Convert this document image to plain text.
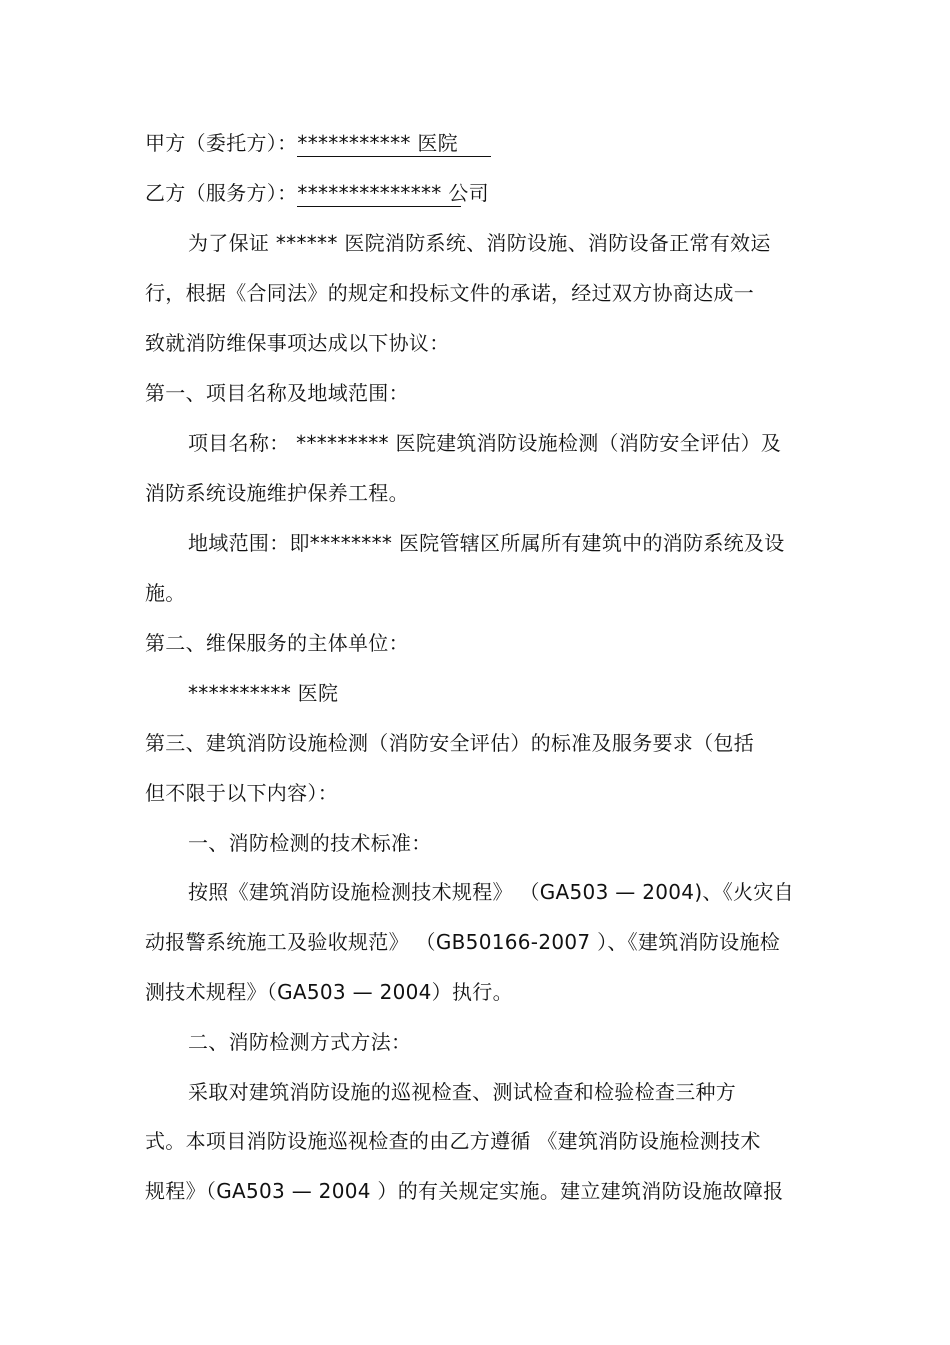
甲方（委托方）：*********** 医院
乙方（服务方）：************** 公司
为了保证 ****** 医院消防系统、消防设施、消防设备正常有效运
行，根据《合同法》的规定和投标文件的承诺，经过双方协商达成一
致就消防维保事项达成以下协议：
第一、项目名称及地域范围：
项目名称： ********* 医院建筑消防设施检测（消防安全评估）及
消防系统设施维护保养工程。
地域范围：即******** 医院管辖区所属所有建筑中的消防系统及设
施。
第二、维保服务的主体单位：
********** 医院
第三、建筑消防设施检测（消防安全评估）的标准及服务要求（包括
但不限于以下内容）：
一、消防检测的技术标准：
按照《建筑消防设施检测技术规程》 （GA503 — 2004)、《火灾自
动报警系统施工及验收规范》 （GB50166-2007 ）、《建筑消防设施检
测技术规程》（GA503 — 2004）执行。
二、消防检测方式方法：
采取对建筑消防设施的巡视检查、测试检查和检验检查三种方
式。本项目消防设施巡视检查的由乙方遵循 《建筑消防设施检测技术
规程》（GA503 — 2004 ）的有关规定实施。建立建筑消防设施故障报
